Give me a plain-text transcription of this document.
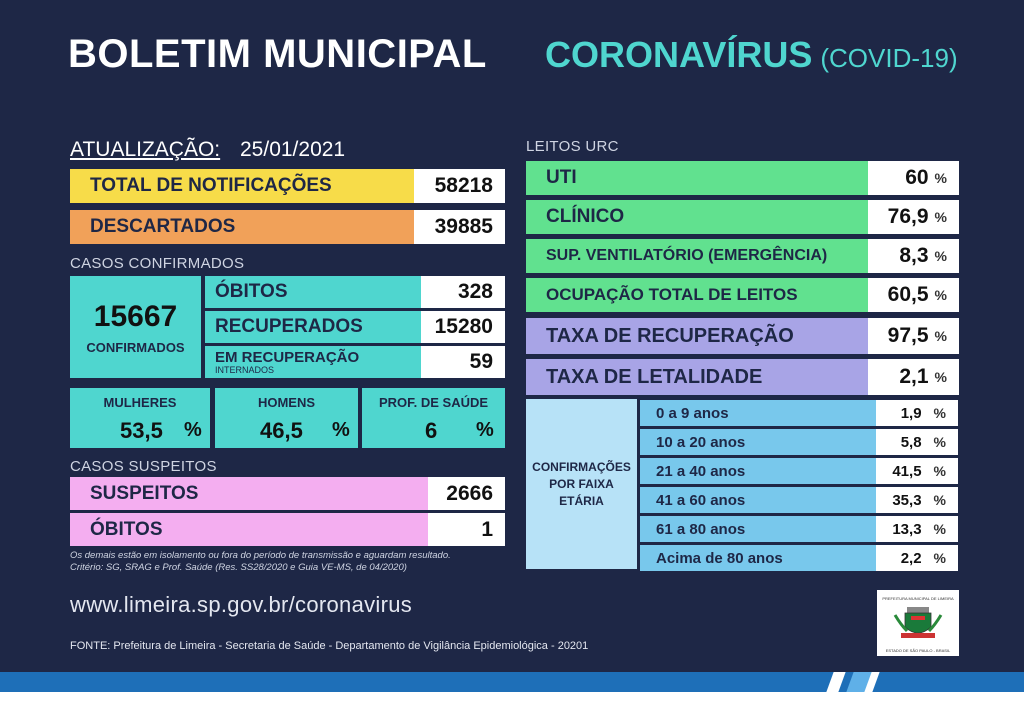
BOLETIM MUNICIPAL CORONAVÍRUS (COVID-19)
ATUALIZAÇÃO: 25/01/2021
TOTAL DE NOTIFICAÇÕES	58218
DESCARTADOS	39885
CASOS CONFIRMADOS
15667
CONFIRMADOS
ÓBITOS	328
RECUPERADOS	15280
EM RECUPERAÇÃO
INTERNADOS	59
MULHERES
53,5 %
HOMENS
46,5 %
PROF. DE SAÚDE
6 %
CASOS SUSPEITOS
SUSPEITOS	2666
ÓBITOS	1
Os demais estão em isolamento ou fora do período de transmissão e aguardam resultado.
Critério: SG, SRAG e Prof. Saúde (Res. SS28/2020 e Guia VE-MS, de 04/2020)
LEITOS URC
UTI	60 %
CLÍNICO	76,9 %
SUP. VENTILATÓRIO (EMERGÊNCIA)	8,3 %
OCUPAÇÃO TOTAL DE LEITOS	60,5 %
TAXA DE RECUPERAÇÃO	97,5 %
TAXA DE LETALIDADE	2,1 %
CONFIRMAÇÕES POR FAIXA ETÁRIA
0 a 9 anos	1,9 %
10 a 20 anos	5,8 %
21 a 40 anos	41,5 %
41 a 60 anos	35,3 %
61 a 80 anos	13,3 %
Acima de 80 anos	2,2 %
www.limeira.sp.gov.br/coronavirus
FONTE: Prefeitura de Limeira - Secretaria de Saúde - Departamento de Vigilância Epidemiológica - 20201
PREFEITURA MUNICIPAL DE LIMEIRA
ESTADO DE SÃO PAULO - BRASIL
